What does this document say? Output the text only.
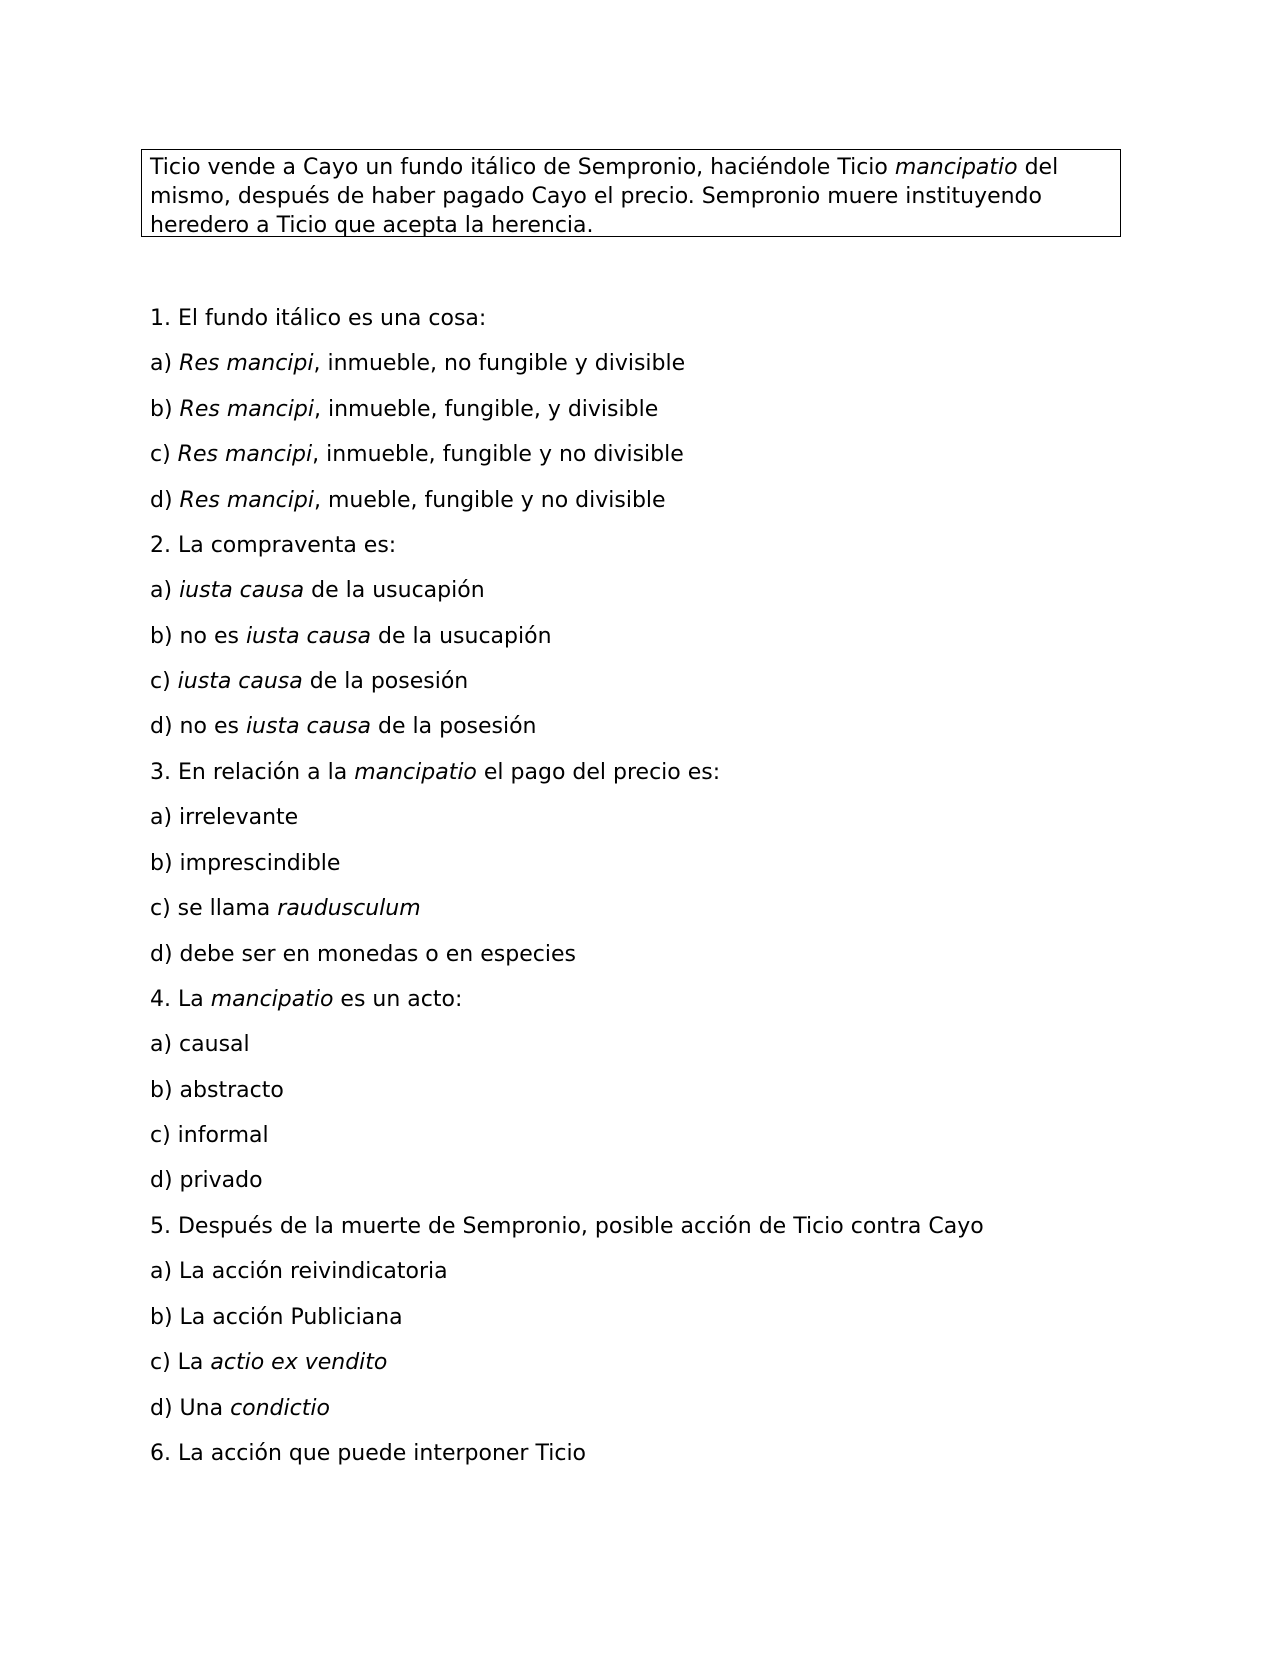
Ticio vende a Cayo un fundo itálico de Sempronio, haciéndole Ticio mancipatio del
mismo, después de haber pagado Cayo el precio. Sempronio muere instituyendo
heredero a Ticio que acepta la herencia.
1. El fundo itálico es una cosa:
a) Res mancipi, inmueble, no fungible y divisible
b) Res mancipi, inmueble, fungible, y divisible
c) Res mancipi, inmueble, fungible y no divisible
d) Res mancipi, mueble, fungible y no divisible
2. La compraventa es:
a) iusta causa de la usucapión
b) no es iusta causa de la usucapión
c) iusta causa de la posesión
d) no es iusta causa de la posesión
3. En relación a la mancipatio el pago del precio es:
a) irrelevante
b) imprescindible
c) se llama raudusculum
d) debe ser en monedas o en especies
4. La mancipatio es un acto:
a) causal
b) abstracto
c) informal
d) privado
5. Después de la muerte de Sempronio, posible acción de Ticio contra Cayo
a) La acción reivindicatoria
b) La acción Publiciana
c) La actio ex vendito
d) Una condictio
6. La acción que puede interponer Ticio
